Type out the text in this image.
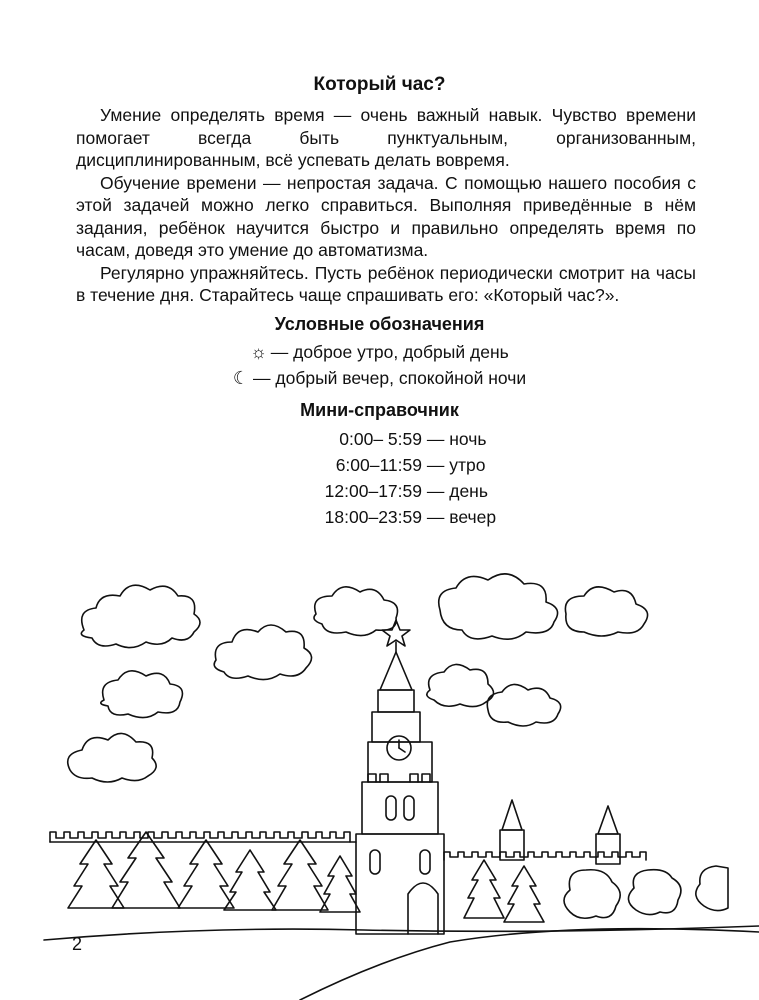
Который час?

Умение определять время — очень важный навык. Чувство времени помогает всегда быть пунктуальным, организованным, дисциплинированным, всё успевать делать вовремя.

Обучение времени — непростая задача. С помощью нашего пособия с этой задачей можно легко справиться. Выполняя приведённые в нём задания, ребёнок научится быстро и правильно определять время по часам, доведя это умение до автоматизма.

Регулярно упражняйтесь. Пусть ребёнок периодически смотрит на часы в течение дня. Старайтесь чаще спрашивать его: «Который час?».

Условные обозначения
☼ — доброе утро, добрый день
☾ — добрый вечер, спокойной ночи
Мини-справочник
0:00– 5:59 — ночь
6:00–11:59 — утро
12:00–17:59 — день
18:00–23:59 — вечер
2
